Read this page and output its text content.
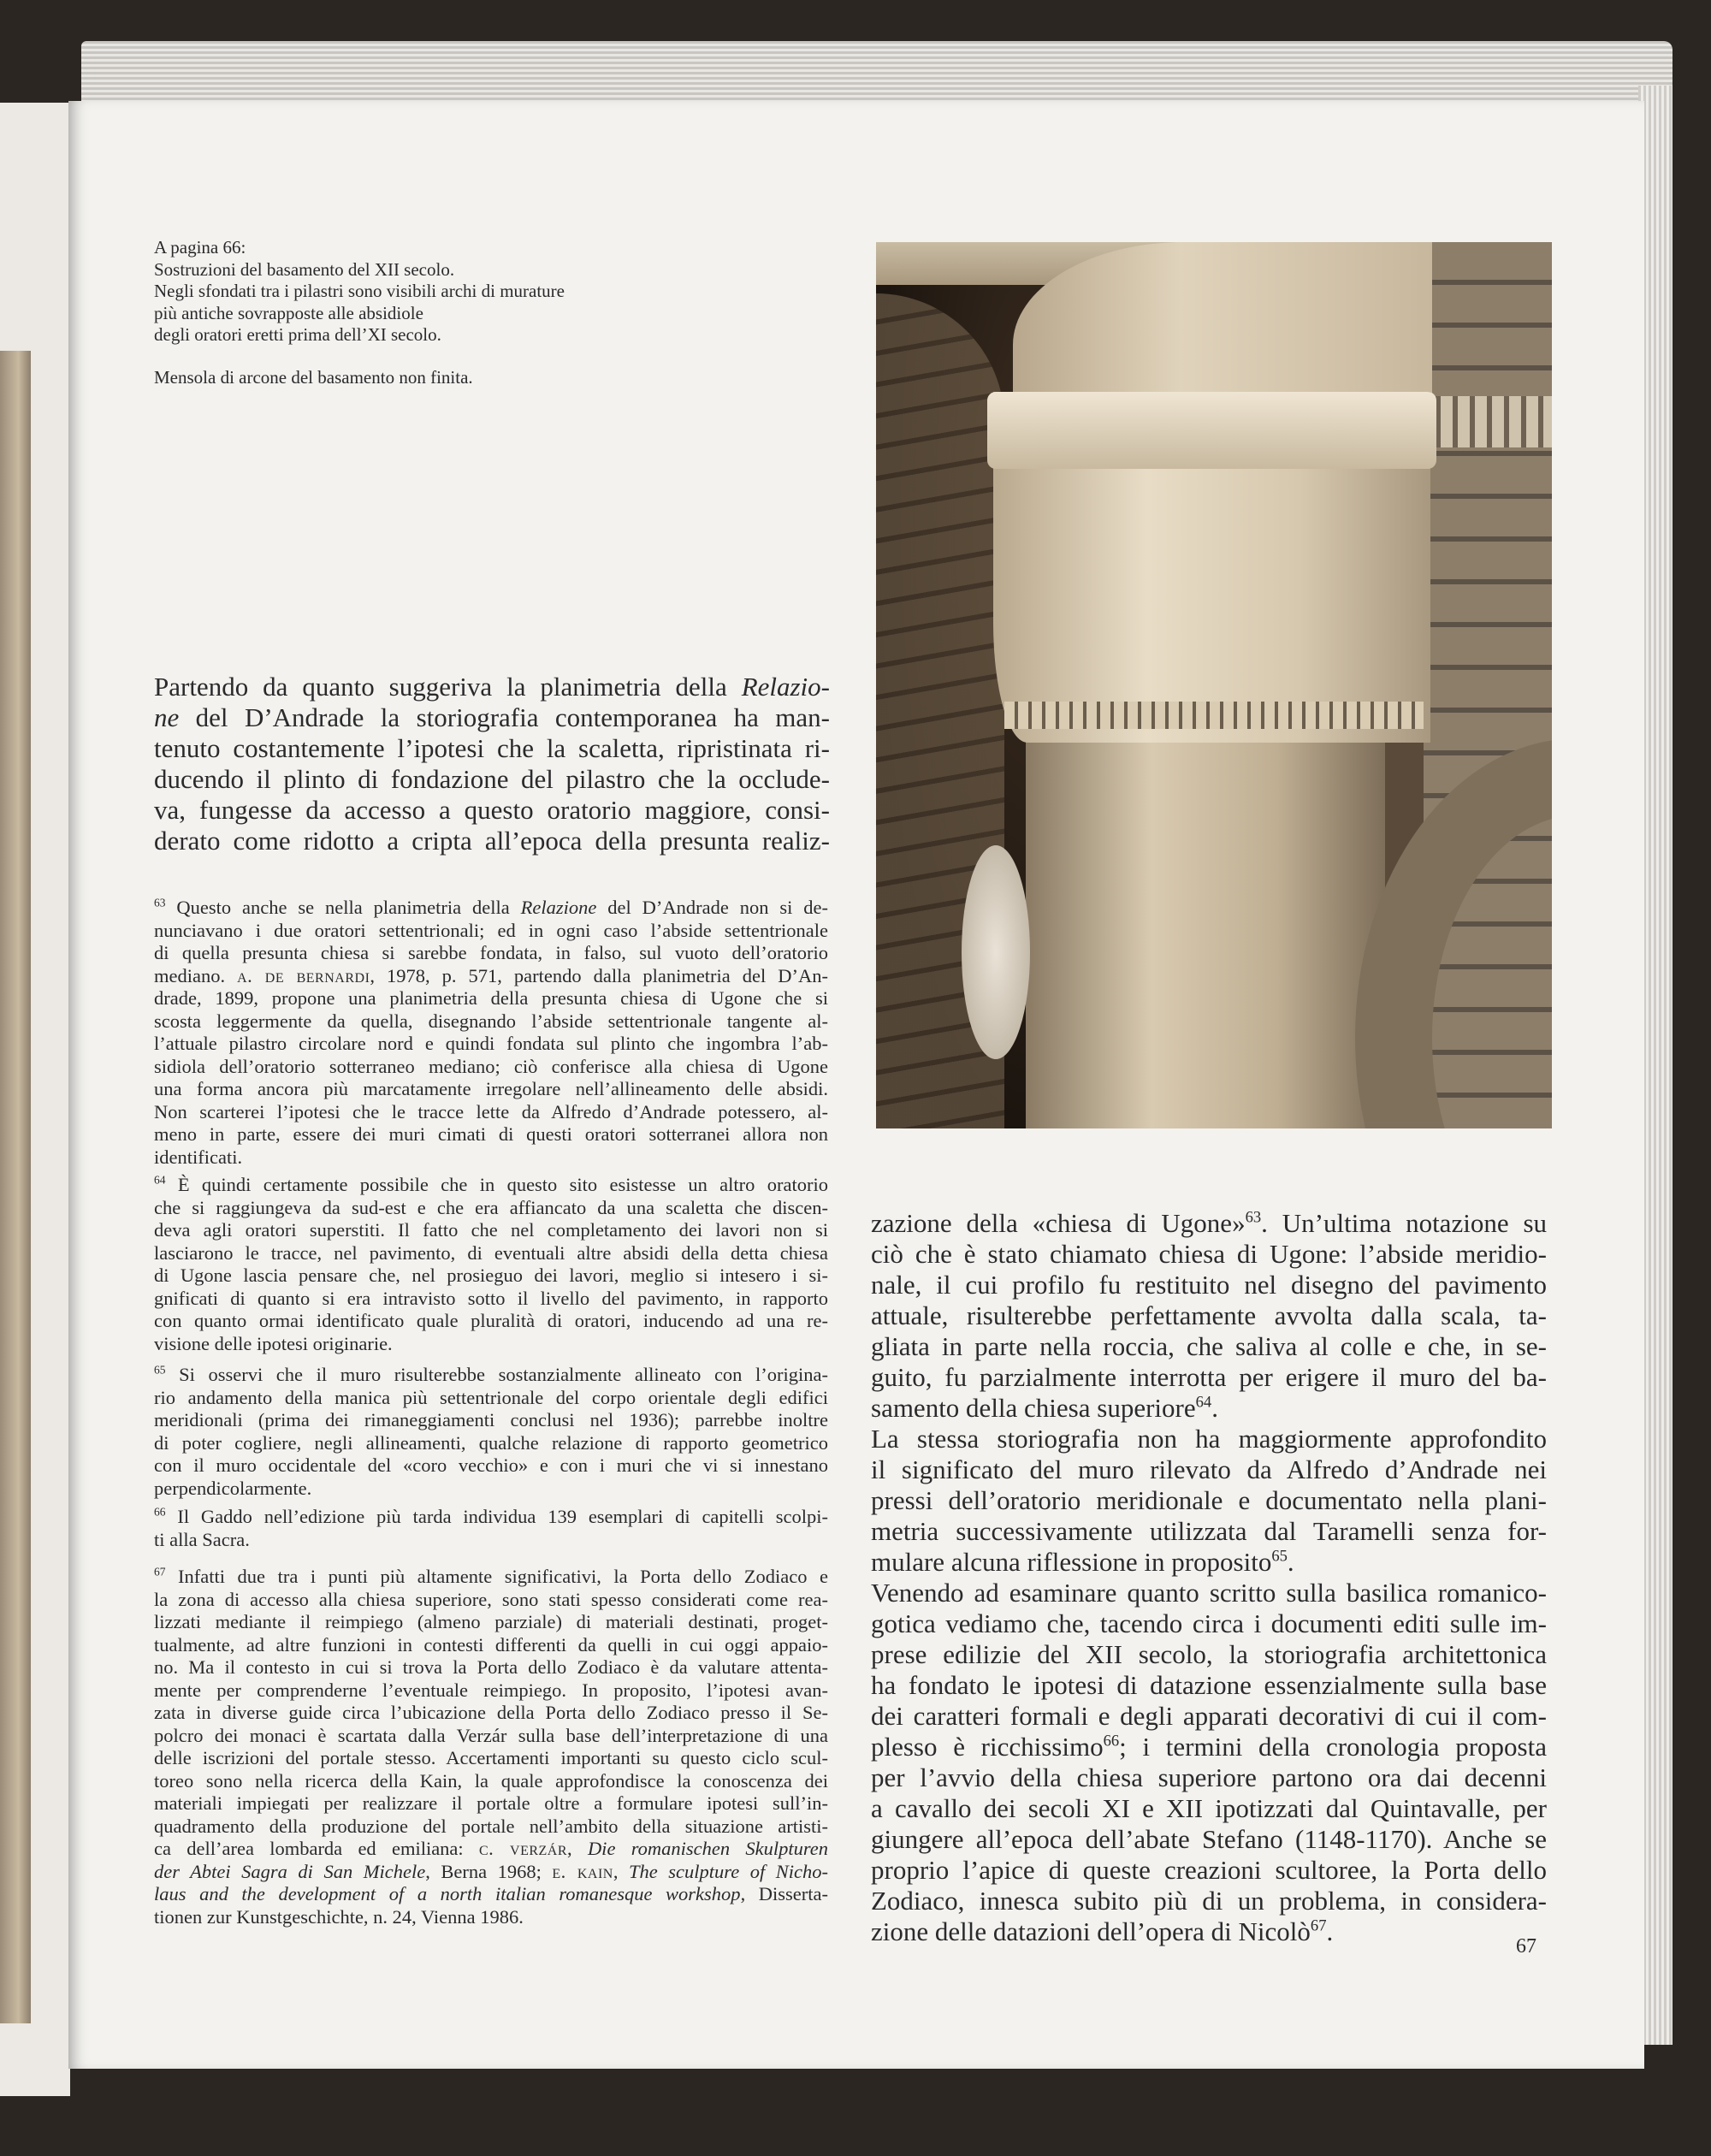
A pagina 66:
Sostruzioni del basamento del XII secolo.
Negli sfondati tra i pilastri sono visibili archi di murature
più antiche sovrapposte alle absidiole
degli oratori eretti prima dell’XI secolo.
Mensola di arcone del basamento non finita.
Partendo da quanto suggeriva la planimetria della Relazio-
ne del D’Andrade la storiografia contemporanea ha man-
tenuto costantemente l’ipotesi che la scaletta, ripristinata ri-
ducendo il plinto di fondazione del pilastro che la occlude-
va, fungesse da accesso a questo oratorio maggiore, consi-
derato come ridotto a cripta all’epoca della presunta realiz-
$^{63}$ Questo anche se nella planimetria della Relazione del D’Andrade non si de-
nunciavano i due oratori settentrionali; ed in ogni caso l’abside settentrionale
di quella presunta chiesa si sarebbe fondata, in falso, sul vuoto dell’oratorio
mediano. a. de bernardi, 1978, p. 571, partendo dalla planimetria del D’An-
drade, 1899, propone una planimetria della presunta chiesa di Ugone che si
scosta leggermente da quella, disegnando l’abside settentrionale tangente al-
l’attuale pilastro circolare nord e quindi fondata sul plinto che ingombra l’ab-
sidiola dell’oratorio sotterraneo mediano; ciò conferisce alla chiesa di Ugone
una forma ancora più marcatamente irregolare nell’allineamento delle absidi.
Non scarterei l’ipotesi che le tracce lette da Alfredo d’Andrade potessero, al-
meno in parte, essere dei muri cimati di questi oratori sotterranei allora non
identificati.
$^{64}$ È quindi certamente possibile che in questo sito esistesse un altro oratorio
che si raggiungeva da sud-est e che era affiancato da una scaletta che discen-
deva agli oratori superstiti. Il fatto che nel completamento dei lavori non si
lasciarono le tracce, nel pavimento, di eventuali altre absidi della detta chiesa
di Ugone lascia pensare che, nel prosieguo dei lavori, meglio si intesero i si-
gnificati di quanto si era intravisto sotto il livello del pavimento, in rapporto
con quanto ormai identificato quale pluralità di oratori, inducendo ad una re-
visione delle ipotesi originarie.
$^{65}$ Si osservi che il muro risulterebbe sostanzialmente allineato con l’origina-
rio andamento della manica più settentrionale del corpo orientale degli edifici
meridionali (prima dei rimaneggiamenti conclusi nel 1936); parrebbe inoltre
di poter cogliere, negli allineamenti, qualche relazione di rapporto geometrico
con il muro occidentale del «coro vecchio» e con i muri che vi si innestano
perpendicolarmente.
$^{66}$ Il Gaddo nell’edizione più tarda individua 139 esemplari di capitelli scolpi-
ti alla Sacra.
$^{67}$ Infatti due tra i punti più altamente significativi, la Porta dello Zodiaco e
la zona di accesso alla chiesa superiore, sono stati spesso considerati come rea-
lizzati mediante il reimpiego (almeno parziale) di materiali destinati, proget-
tualmente, ad altre funzioni in contesti differenti da quelli in cui oggi appaio-
no. Ma il contesto in cui si trova la Porta dello Zodiaco è da valutare attenta-
mente per comprenderne l’eventuale reimpiego. In proposito, l’ipotesi avan-
zata in diverse guide circa l’ubicazione della Porta dello Zodiaco presso il Se-
polcro dei monaci è scartata dalla Verzár sulla base dell’interpretazione di una
delle iscrizioni del portale stesso. Accertamenti importanti su questo ciclo scul-
toreo sono nella ricerca della Kain, la quale approfondisce la conoscenza dei
materiali impiegati per realizzare il portale oltre a formulare ipotesi sull’in-
quadramento della produzione del portale nell’ambito della situazione artisti-
ca dell’area lombarda ed emiliana: c. verzár, Die romanischen Skulpturen
der Abtei Sagra di San Michele, Berna 1968; e. kain, The sculpture of Nicho-
laus and the development of a north italian romanesque workshop, Disserta-
tionen zur Kunstgeschichte, n. 24, Vienna 1986.
zazione della «chiesa di Ugone»$^{63}$. Un’ultima notazione su
ciò che è stato chiamato chiesa di Ugone: l’abside meridio-
nale, il cui profilo fu restituito nel disegno del pavimento
attuale, risulterebbe perfettamente avvolta dalla scala, ta-
gliata in parte nella roccia, che saliva al colle e che, in se-
guito, fu parzialmente interrotta per erigere il muro del ba-
samento della chiesa superiore$^{64}$.
La stessa storiografia non ha maggiormente approfondito
il significato del muro rilevato da Alfredo d’Andrade nei
pressi dell’oratorio meridionale e documentato nella plani-
metria successivamente utilizzata dal Taramelli senza for-
mulare alcuna riflessione in proposito$^{65}$.
Venendo ad esaminare quanto scritto sulla basilica romanico-
gotica vediamo che, tacendo circa i documenti editi sulle im-
prese edilizie del XII secolo, la storiografia architettonica
ha fondato le ipotesi di datazione essenzialmente sulla base
dei caratteri formali e degli apparati decorativi di cui il com-
plesso è ricchissimo$^{66}$; i termini della cronologia proposta
per l’avvio della chiesa superiore partono ora dai decenni
a cavallo dei secoli XI e XII ipotizzati dal Quintavalle, per
giungere all’epoca dell’abate Stefano (1148-1170). Anche se
proprio l’apice di queste creazioni scultoree, la Porta dello
Zodiaco, innesca subito più di un problema, in considera-
zione delle datazioni dell’opera di Nicolò$^{67}$.	67
